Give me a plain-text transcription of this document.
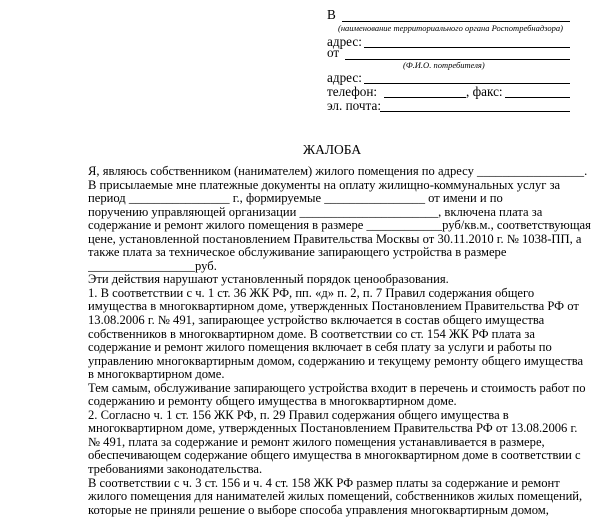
В
(наименование территориального органа Роспотребнадзора)
адрес:
от
(Ф.И.О. потребителя)
адрес:
телефон:	, факс:
эл. почта:
ЖАЛОБА
Я, являюсь собственником (нанимателем) жилого помещения по адресу _________________.
В присылаемые мне платежные документы на оплату жилищно-коммунальных услуг за
период ________________ г., формируемые ________________ от имени и по
поручению управляющей организации ______________________, включена плата за
содержание и ремонт жилого помещения в размере ____________руб/кв.м., соответствующая
цене, установленной постановлением Правительства Москвы от 30.11.2010 г. № 1038-ПП, а
также плата за техническое обслуживание запирающего устройства в размере
_________________руб.
Эти действия нарушают установленный порядок ценообразования.
1. В соответствии с ч. 1 ст. 36 ЖК РФ, пп. «д» п. 2, п. 7 Правил содержания общего
имущества в многоквартирном доме, утвержденных Постановлением Правительства РФ от
13.08.2006 г. № 491, запирающее устройство включается в состав общего имущества
собственников в многоквартирном доме. В соответствии со ст. 154 ЖК РФ плата за
содержание и ремонт жилого помещения включает в себя плату за услуги и работы по
управлению многоквартирным домом, содержанию и текущему ремонту общего имущества
в многоквартирном доме.
Тем самым, обслуживание запирающего устройства входит в перечень и стоимость работ по
содержанию и ремонту общего имущества в многоквартирном доме.
2. Согласно ч. 1 ст. 156 ЖК РФ, п. 29 Правил содержания общего имущества в
многоквартирном доме, утвержденных Постановлением Правительства РФ от 13.08.2006 г.
№ 491, плата за содержание и ремонт жилого помещения устанавливается в размере,
обеспечивающем содержание общего имущества в многоквартирном доме в соответствии с
требованиями законодательства.
В соответствии с ч. 3 ст. 156 и ч. 4 ст. 158 ЖК РФ размер платы за содержание и ремонт
жилого помещения для нанимателей жилых помещений, собственников жилых помещений,
которые не приняли решение о выборе способа управления многоквартирным домом,
